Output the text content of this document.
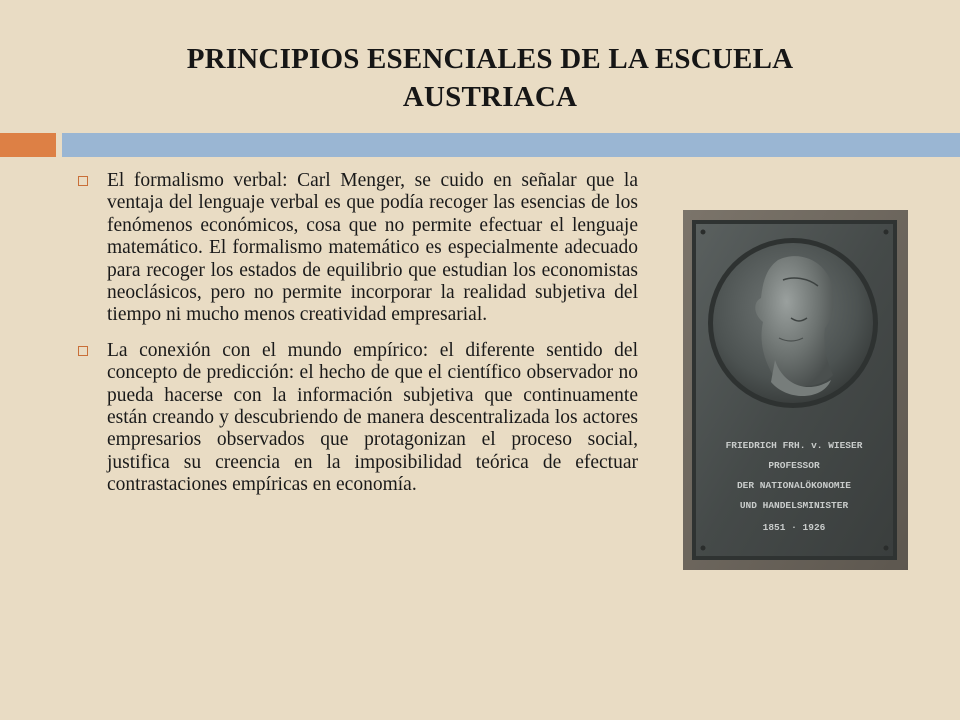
PRINCIPIOS ESENCIALES DE LA ESCUELA AUSTRIACA
El formalismo verbal: Carl Menger, se cuido en señalar que la ventaja del lenguaje verbal es que podía recoger las esencias de los fenómenos económicos, cosa que no permite efectuar el lenguaje matemático. El formalismo matemático es especialmente adecuado para recoger los estados de equilibrio que estudian los economistas neoclásicos, pero no permite incorporar la realidad subjetiva del tiempo ni mucho menos creatividad empresarial.
La conexión con el mundo empírico: el diferente sentido del concepto de predicción: el hecho de que el científico observador no pueda hacerse con la información subjetiva que continuamente están creando y descubriendo de manera descentralizada los actores empresarios observados que protagonizan el proceso social, justifica su creencia en la imposibilidad teórica de efectuar contrastaciones empíricas en economía.
FRIEDRICH FRH. v. WIESER
PROFESSOR
DER NATIONALÖKONOMIE
UND HANDELSMINISTER
1851 · 1926
